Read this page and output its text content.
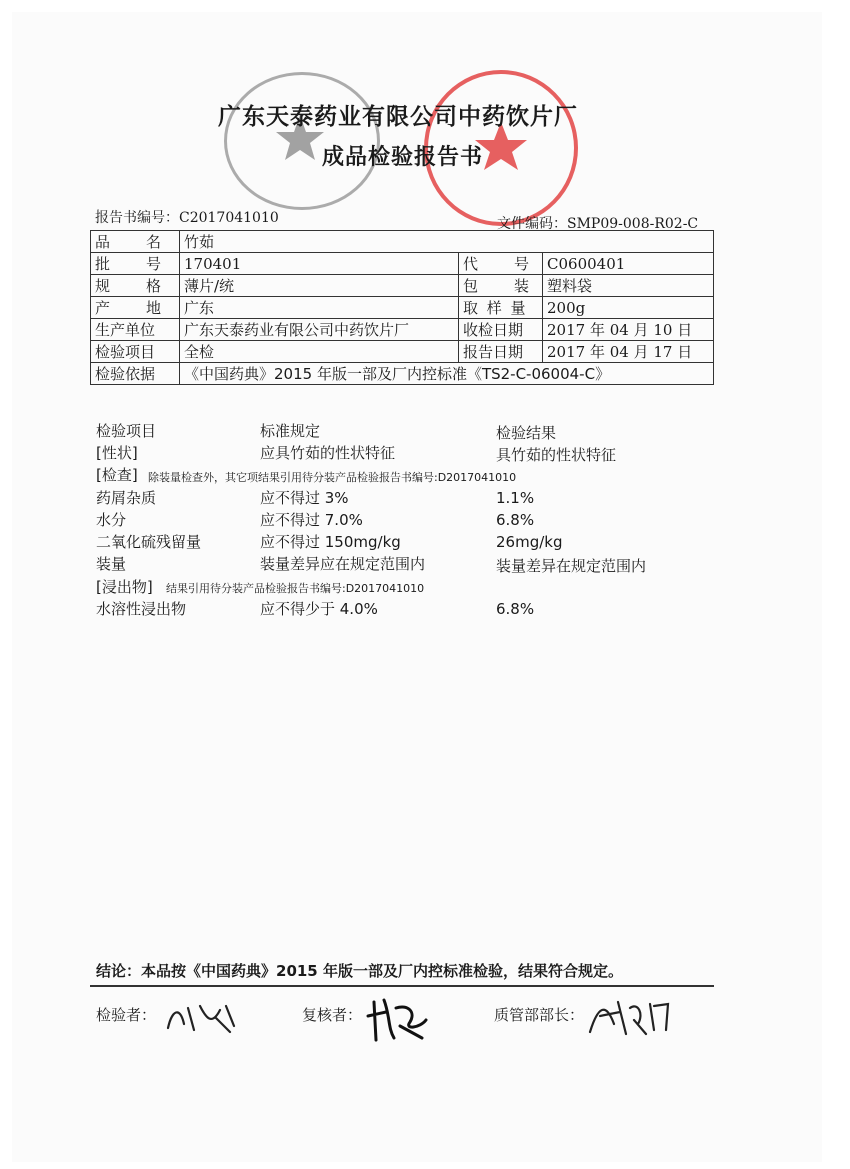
广东天泰药业有限公司中药饮片厂
成品检验报告书
报告书编号：C2017041010	文件编码：SMP09-008-R02-C
品　　名	竹茹		
批　　号	170401	代　　号	C0600401
规　　格	薄片/统	包　　装	塑料袋
产　　地	广东	取 样 量	200g
生产单位	广东天泰药业有限公司中药饮片厂	收检日期	2017 年 04 月 10 日
检验项目	全检	报告日期	2017 年 04 月 17 日
检验依据	《中国药典》2015 年版一部及厂内控标准《TS2-C-06004-C》		
检验项目	标准规定	检验结果
[性状]	应具竹茹的性状特征	具竹茹的性状特征
[检查] 除装量检查外，其它项结果引用待分装产品检验报告书编号:D2017041010
药屑杂质	应不得过 3%	1.1%
水分	应不得过 7.0%	6.8%
二氧化硫残留量	应不得过 150mg/kg	26mg/kg
装量	装量差异应在规定范围内	装量差异在规定范围内
[浸出物] 结果引用待分装产品检验报告书编号:D2017041010
水溶性浸出物	应不得少于 4.0%	6.8%
结论：本品按《中国药典》2015 年版一部及厂内控标准检验，结果符合规定。
检验者：	复核者：	质管部部长：
